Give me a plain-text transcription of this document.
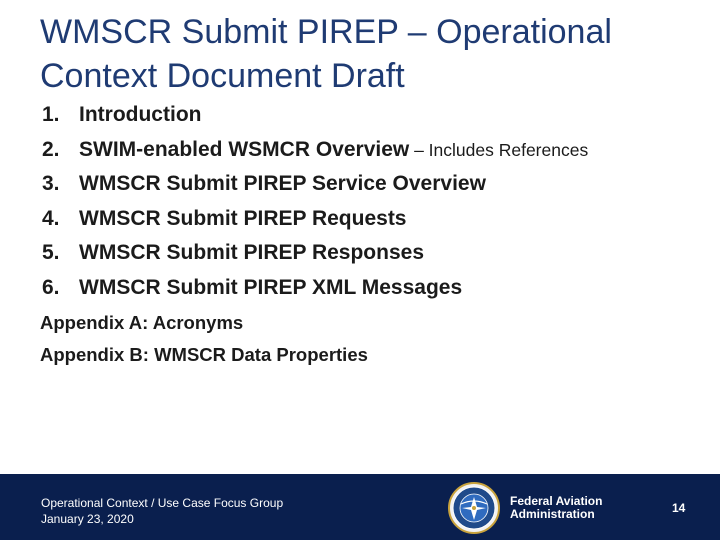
WMSCR Submit PIREP – Operational Context Document Draft
1. Introduction
2. SWIM-enabled WSMCR Overview – Includes References
3. WMSCR Submit PIREP Service Overview
4. WMSCR Submit PIREP Requests
5. WMSCR Submit PIREP Responses
6. WMSCR Submit PIREP XML Messages
Appendix A: Acronyms
Appendix B: WMSCR Data Properties
Operational Context / Use Case Focus Group
January 23, 2020
Federal Aviation
Administration	14
